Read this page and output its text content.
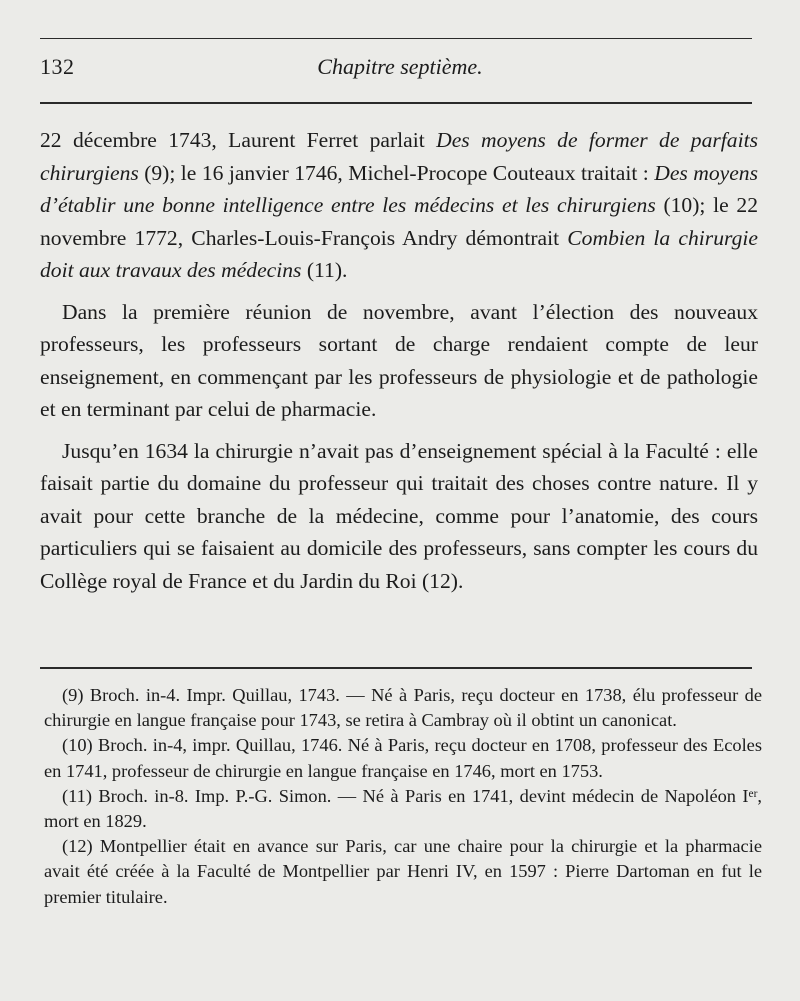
132	Chapitre septième.

22 décembre 1743, Laurent Ferret parlait Des moyens de former de parfaits chirurgiens (9); le 16 janvier 1746, Michel-Procope Couteaux traitait : Des moyens d’établir une bonne intelligence entre les médecins et les chirurgiens (10); le 22 novembre 1772, Charles-Louis-François Andry démontrait Combien la chirurgie doit aux travaux des médecins (11).

Dans la première réunion de novembre, avant l’élection des nouveaux professeurs, les professeurs sortant de charge rendaient compte de leur enseignement, en commençant par les professeurs de physiologie et de pathologie et en terminant par celui de pharmacie.

Jusqu’en 1634 la chirurgie n’avait pas d’enseignement spécial à la Faculté : elle faisait partie du domaine du professeur qui traitait des choses contre nature. Il y avait pour cette branche de la médecine, comme pour l’anatomie, des cours particuliers qui se faisaient au domicile des professeurs, sans compter les cours du Collège royal de France et du Jardin du Roi (12).

(9) Broch. in-4. Impr. Quillau, 1743. — Né à Paris, reçu docteur en 1738, élu professeur de chirurgie en langue française pour 1743, se retira à Cambray où il obtint un canonicat.

(10) Broch. in-4, impr. Quillau, 1746. Né à Paris, reçu docteur en 1708, professeur des Ecoles en 1741, professeur de chirurgie en langue française en 1746, mort en 1753.

(11) Broch. in-8. Imp. P.-G. Simon. — Né à Paris en 1741, devint médecin de Napoléon Ier, mort en 1829.

(12) Montpellier était en avance sur Paris, car une chaire pour la chirurgie et la pharmacie avait été créée à la Faculté de Montpellier par Henri IV, en 1597 : Pierre Dartoman en fut le premier titulaire.
